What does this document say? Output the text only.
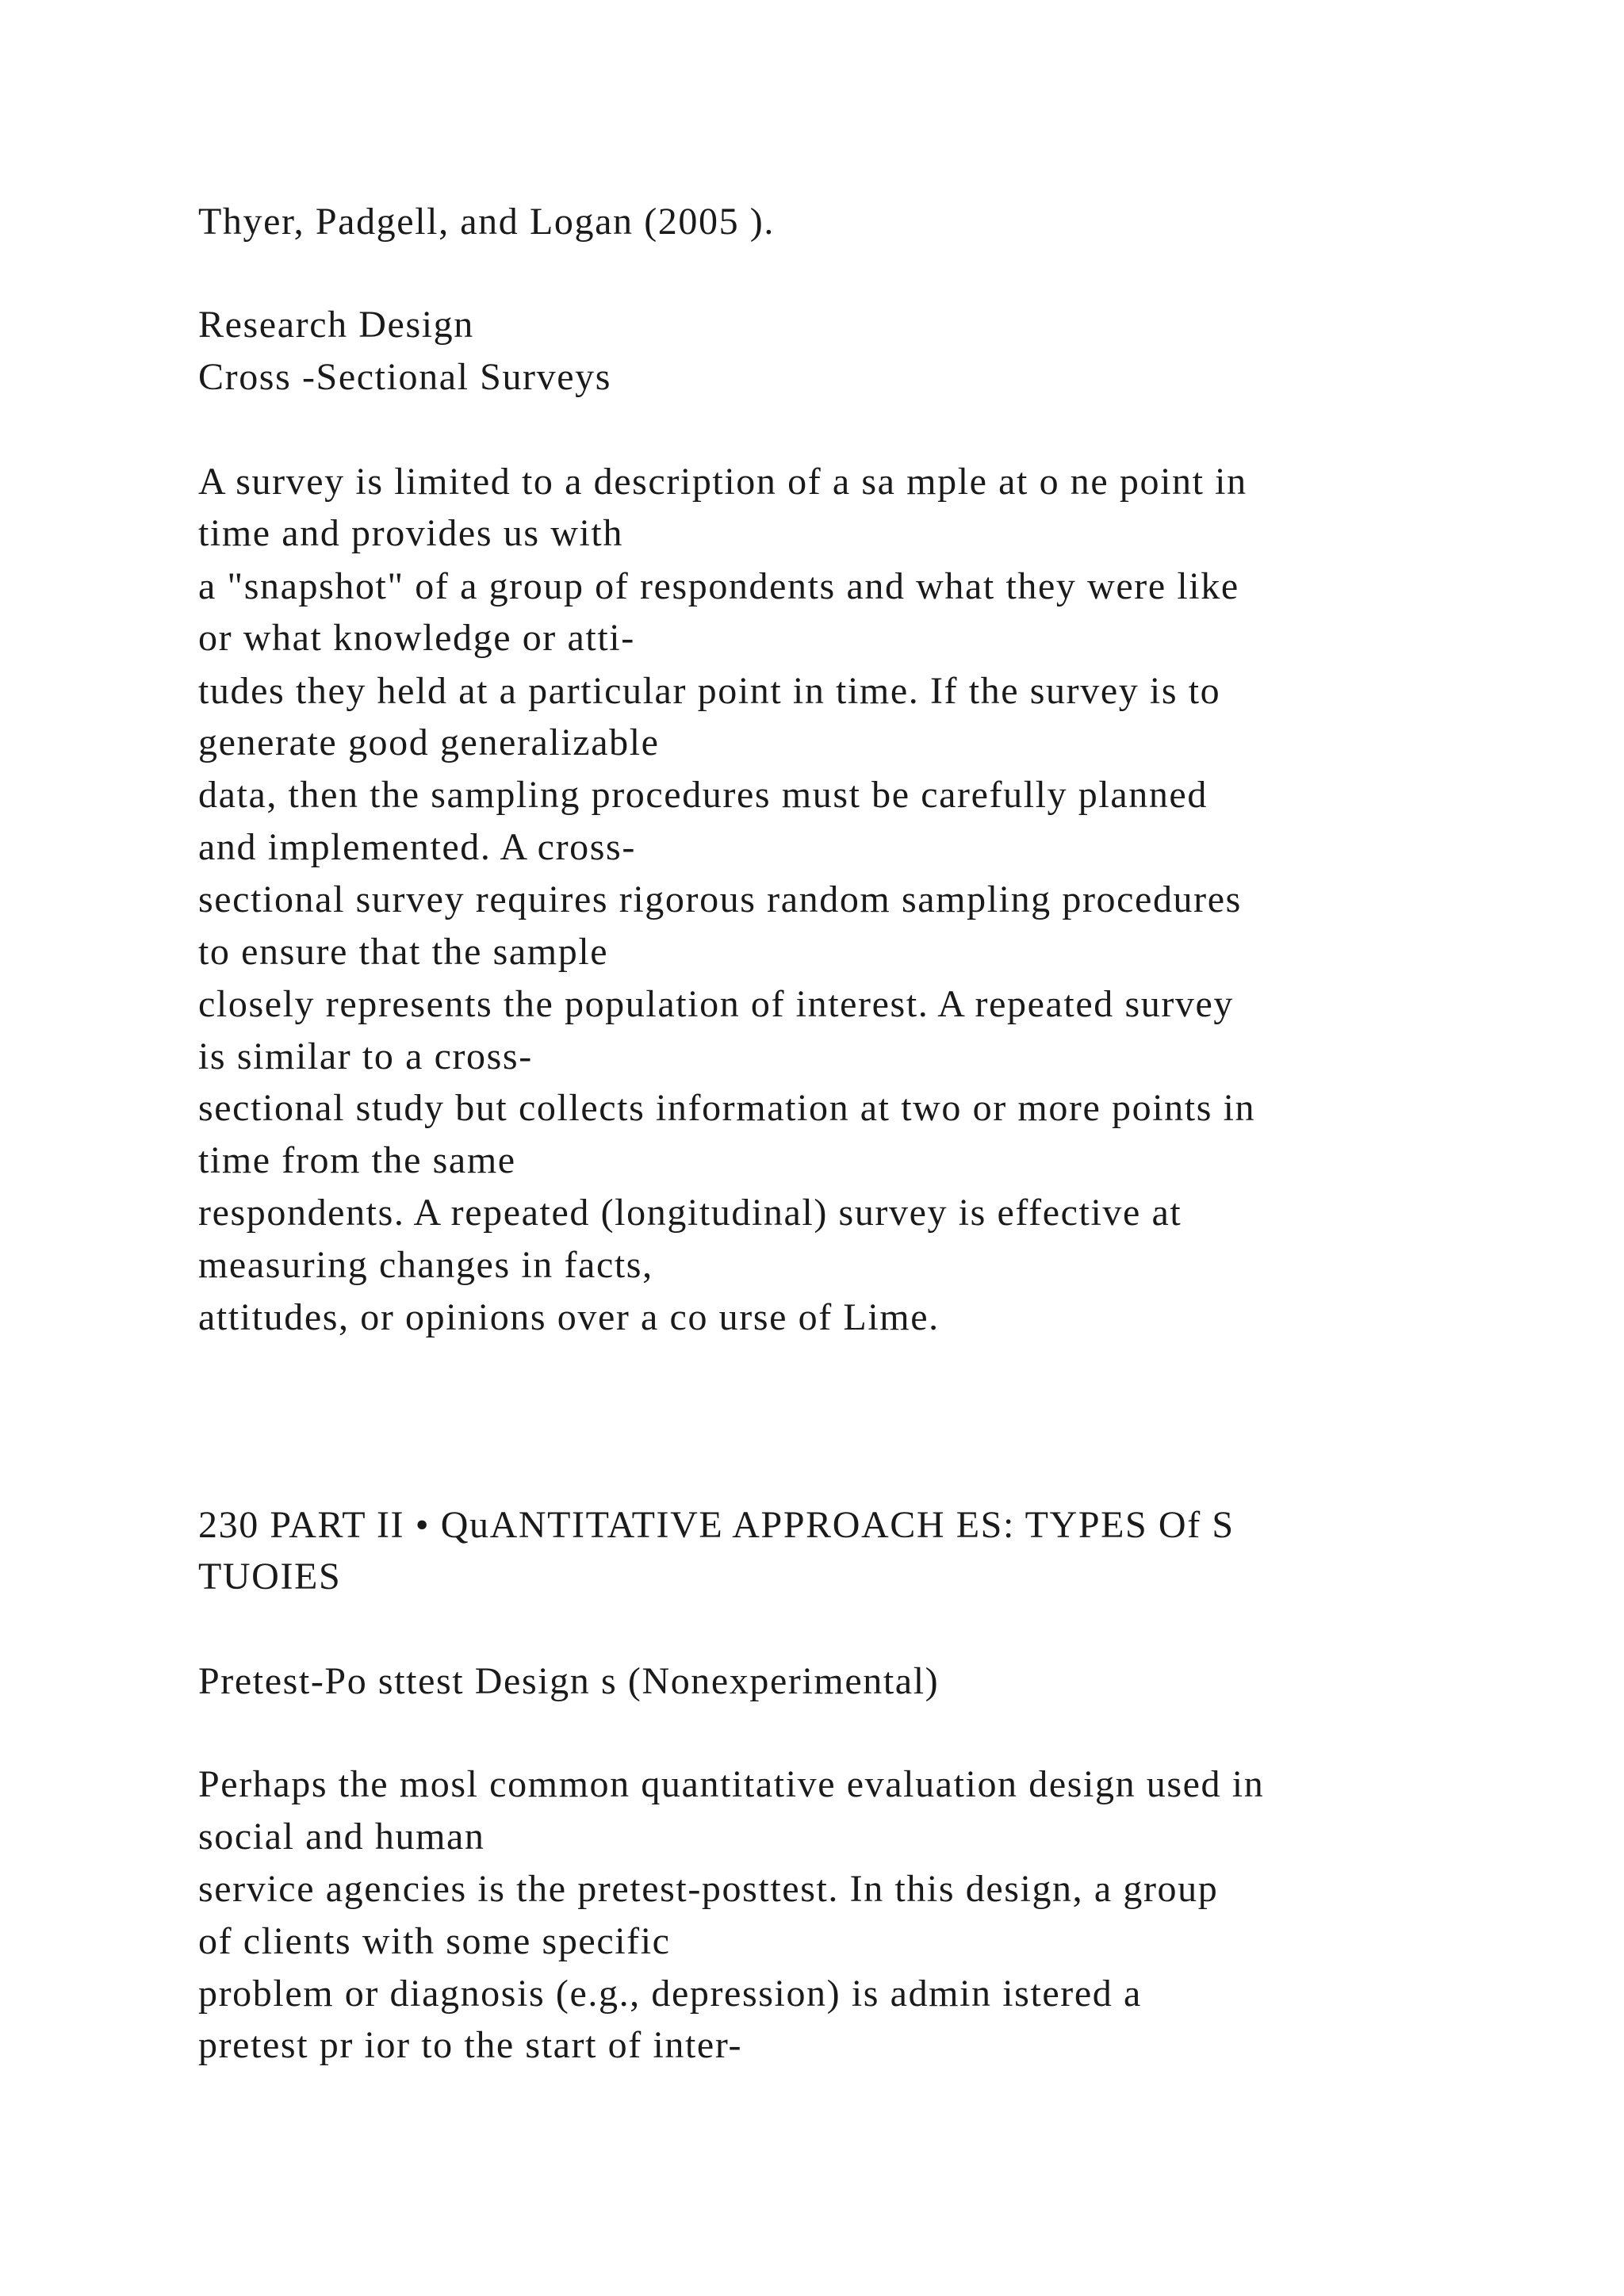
Thyer, Padgell, and Logan (2005 ).

Research Design

Cross -Sectional Surveys

A survey is limited to a description of a sa mple at o ne point in

time and provides us with

a "snapshot" of a group of respondents and what they were like

or what knowledge or atti-

tudes they held at a particular point in time. If the survey is to

generate good generalizable

data, then the sampling procedures must be carefully planned

and implemented. A cross-

sectional survey requires rigorous random sampling procedures

to ensure that the sample

closely represents the population of interest. A repeated survey

is similar to a cross-

sectional study but collects information at two or more points in

time from the same

respondents. A repeated (longitudinal) survey is effective at

measuring changes in facts,

attitudes, or opinions over a co urse of Lime.

230 PART II • QuANTITATIVE APPROACH ES: TYPES Of S

TUOIES

Pretest-Po sttest Design s (Nonexperimental)

Perhaps the mosl common quantitative evaluation design used in

social and human

service agencies is the pretest-posttest. In this design, a group

of clients with some specific

problem or diagnosis (e.g., depression) is admin istered a

pretest pr ior to the start of inter-
